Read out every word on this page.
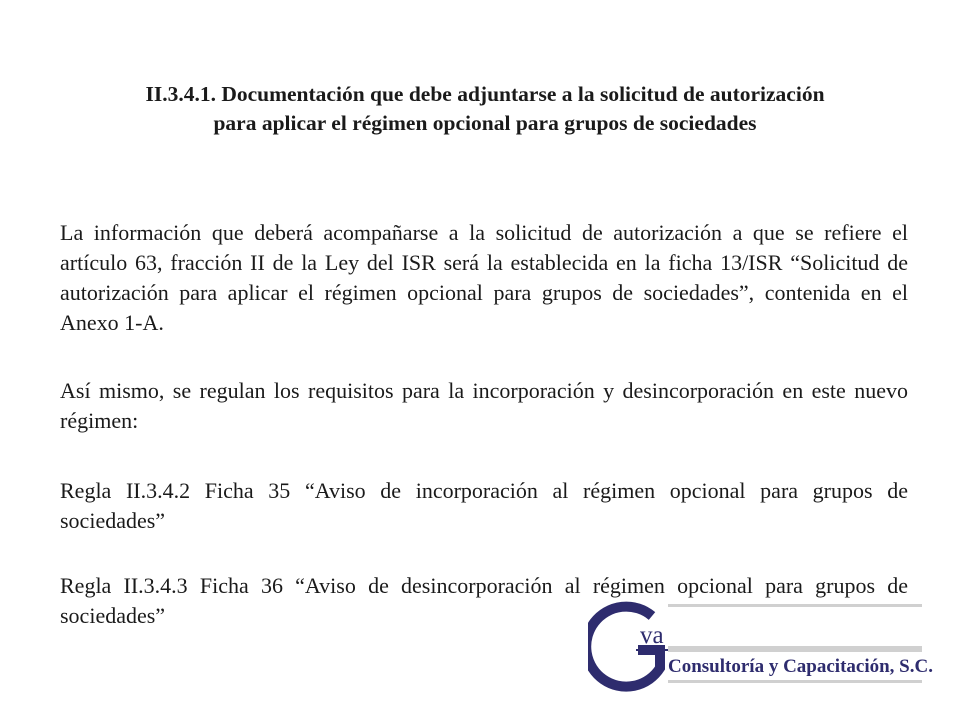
II.3.4.1. Documentación que debe adjuntarse a la solicitud de autorización
para aplicar el régimen opcional para grupos de sociedades

La información que deberá acompañarse a la solicitud de autorización a que se refiere el artículo 63, fracción II de la Ley del ISR será la establecida en la ficha 13/ISR “Solicitud de autorización para aplicar el régimen opcional para grupos de sociedades”, contenida en el Anexo 1-A.

Así mismo, se regulan los requisitos para la incorporación y desincorporación en este nuevo régimen:

Regla II.3.4.2 Ficha 35 “Aviso de incorporación al régimen opcional para grupos de sociedades”

Regla II.3.4.3 Ficha 36 “Aviso de desincorporación al régimen opcional para grupos de sociedades”

va
Consultoría y Capacitación, S.C.
